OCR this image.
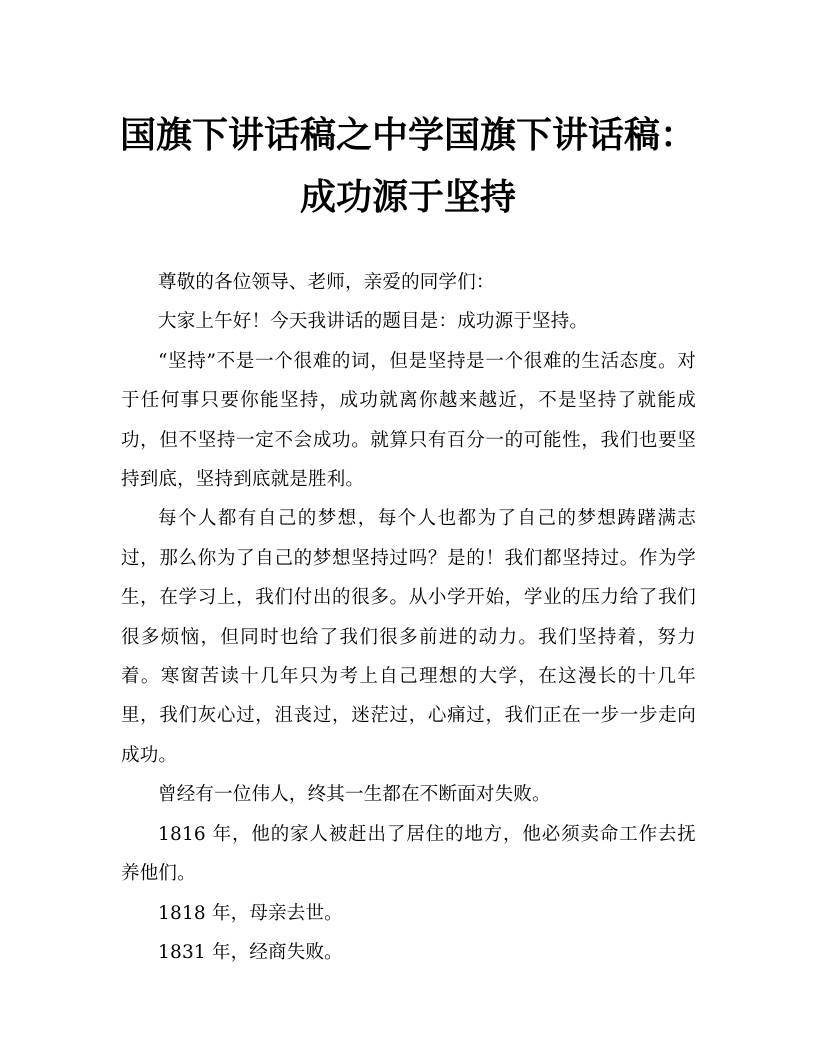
国旗下讲话稿之中学国旗下讲话稿：成功源于坚持

尊敬的各位领导、老师，亲爱的同学们：

大家上午好！今天我讲话的题目是：成功源于坚持。

“坚持”不是一个很难的词，但是坚持是一个很难的生活态度。对于任何事只要你能坚持，成功就离你越来越近，不是坚持了就能成功，但不坚持一定不会成功。就算只有百分一的可能性，我们也要坚持到底，坚持到底就是胜利。

每个人都有自己的梦想，每个人也都为了自己的梦想踌躇满志过，那么你为了自己的梦想坚持过吗？是的！我们都坚持过。作为学生，在学习上，我们付出的很多。从小学开始，学业的压力给了我们很多烦恼，但同时也给了我们很多前进的动力。我们坚持着，努力着。寒窗苦读十几年只为考上自己理想的大学，在这漫长的十几年里，我们灰心过，沮丧过，迷茫过，心痛过，我们正在一步一步走向成功。

曾经有一位伟人，终其一生都在不断面对失败。

1816 年，他的家人被赶出了居住的地方，他必须卖命工作去抚养他们。

1818 年，母亲去世。

1831 年，经商失败。
